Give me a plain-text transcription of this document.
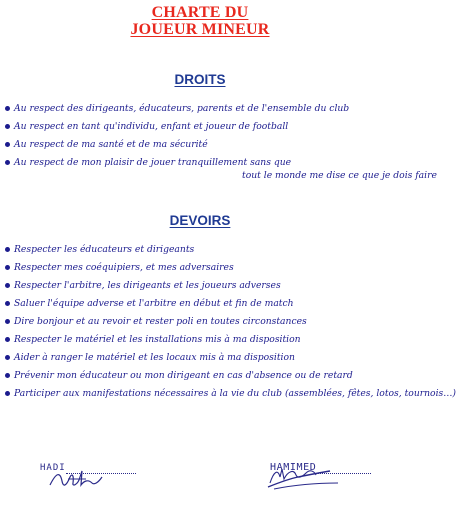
CHARTE DU
JOUEUR MINEUR
DROITS
Au respect des dirigeants, éducateurs, parents et de l'ensemble du club
Au respect en tant qu'individu, enfant et joueur de football
Au respect de ma santé et de ma sécurité
Au respect de mon plaisir de jouer tranquillement sans que
tout le monde me dise ce que je dois faire
DEVOIRS
Respecter les éducateurs et dirigeants
Respecter mes coéquipiers, et mes adversaires
Respecter l'arbitre, les dirigeants et les joueurs adverses
Saluer l'équipe adverse et l'arbitre en début et fin de match
Dire bonjour et au revoir et rester poli en toutes circonstances
Respecter le matériel et les installations mis à ma disposition
Aider à ranger le matériel et les locaux mis à ma disposition
Prévenir mon éducateur ou mon dirigeant en cas d'absence ou de retard
Participer aux manifestations nécessaires à la vie du club (assemblées, fêtes, lotos, tournois…)
HADI	HAMIMED
